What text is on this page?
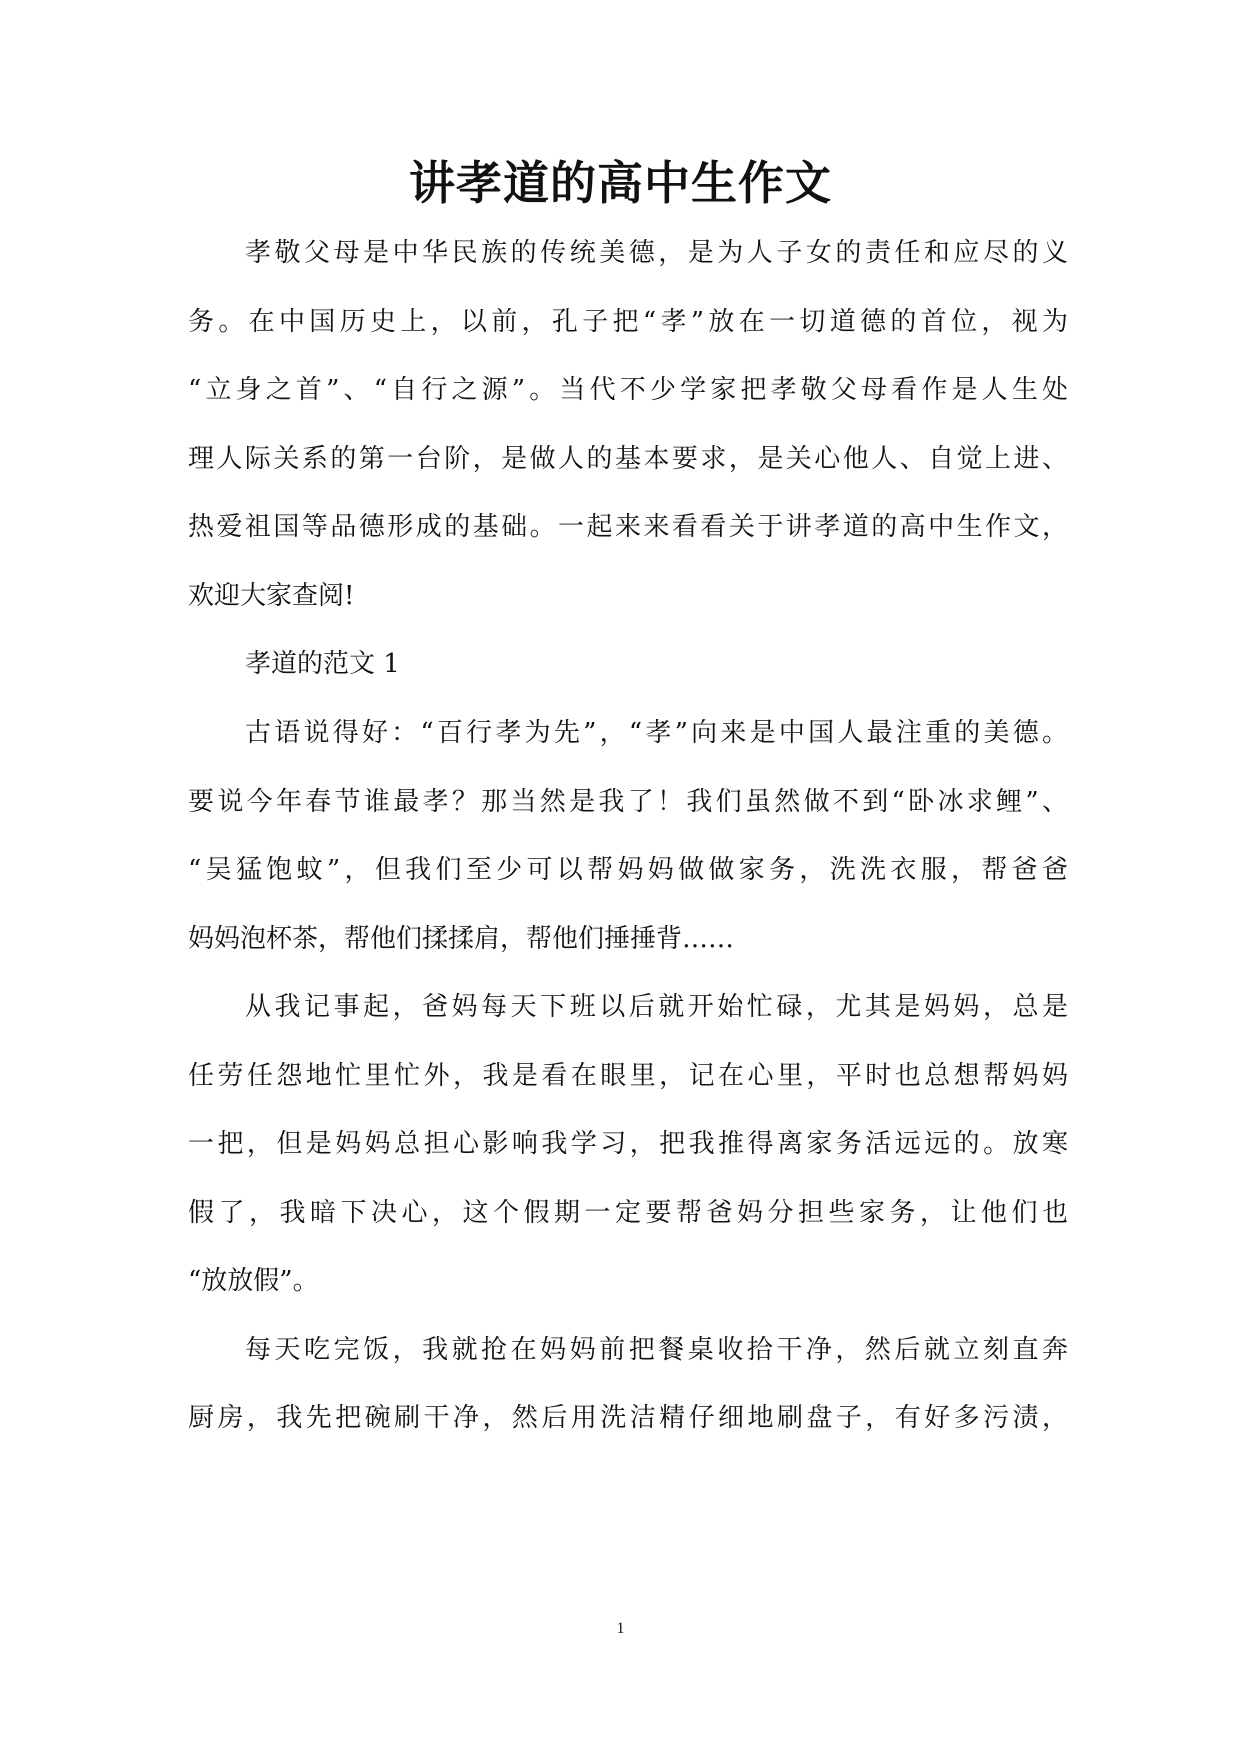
讲孝道的高中生作文

孝敬父母是中华民族的传统美德，是为人子女的责任和应尽的义

务。在中国历史上，以前，孔子把“孝”放在一切道德的首位，视为

“立身之首”、“自行之源”。当代不少学家把孝敬父母看作是人生处

理人际关系的第一台阶，是做人的基本要求，是关心他人、自觉上进、

热爱祖国等品德形成的基础。一起来来看看关于讲孝道的高中生作文，

欢迎大家查阅!

孝道的范文 1

古语说得好：“百行孝为先”，“孝”向来是中国人最注重的美德。

要说今年春节谁最孝？那当然是我了！我们虽然做不到“卧冰求鲤”、

“吴猛饱蚊”，但我们至少可以帮妈妈做做家务，洗洗衣服，帮爸爸

妈妈泡杯茶，帮他们揉揉肩，帮他们捶捶背……

从我记事起，爸妈每天下班以后就开始忙碌，尤其是妈妈，总是

任劳任怨地忙里忙外，我是看在眼里，记在心里，平时也总想帮妈妈

一把，但是妈妈总担心影响我学习，把我推得离家务活远远的。放寒

假了，我暗下决心，这个假期一定要帮爸妈分担些家务，让他们也

“放放假”。

每天吃完饭，我就抢在妈妈前把餐桌收拾干净，然后就立刻直奔

厨房，我先把碗刷干净，然后用洗洁精仔细地刷盘子，有好多污渍，

1
